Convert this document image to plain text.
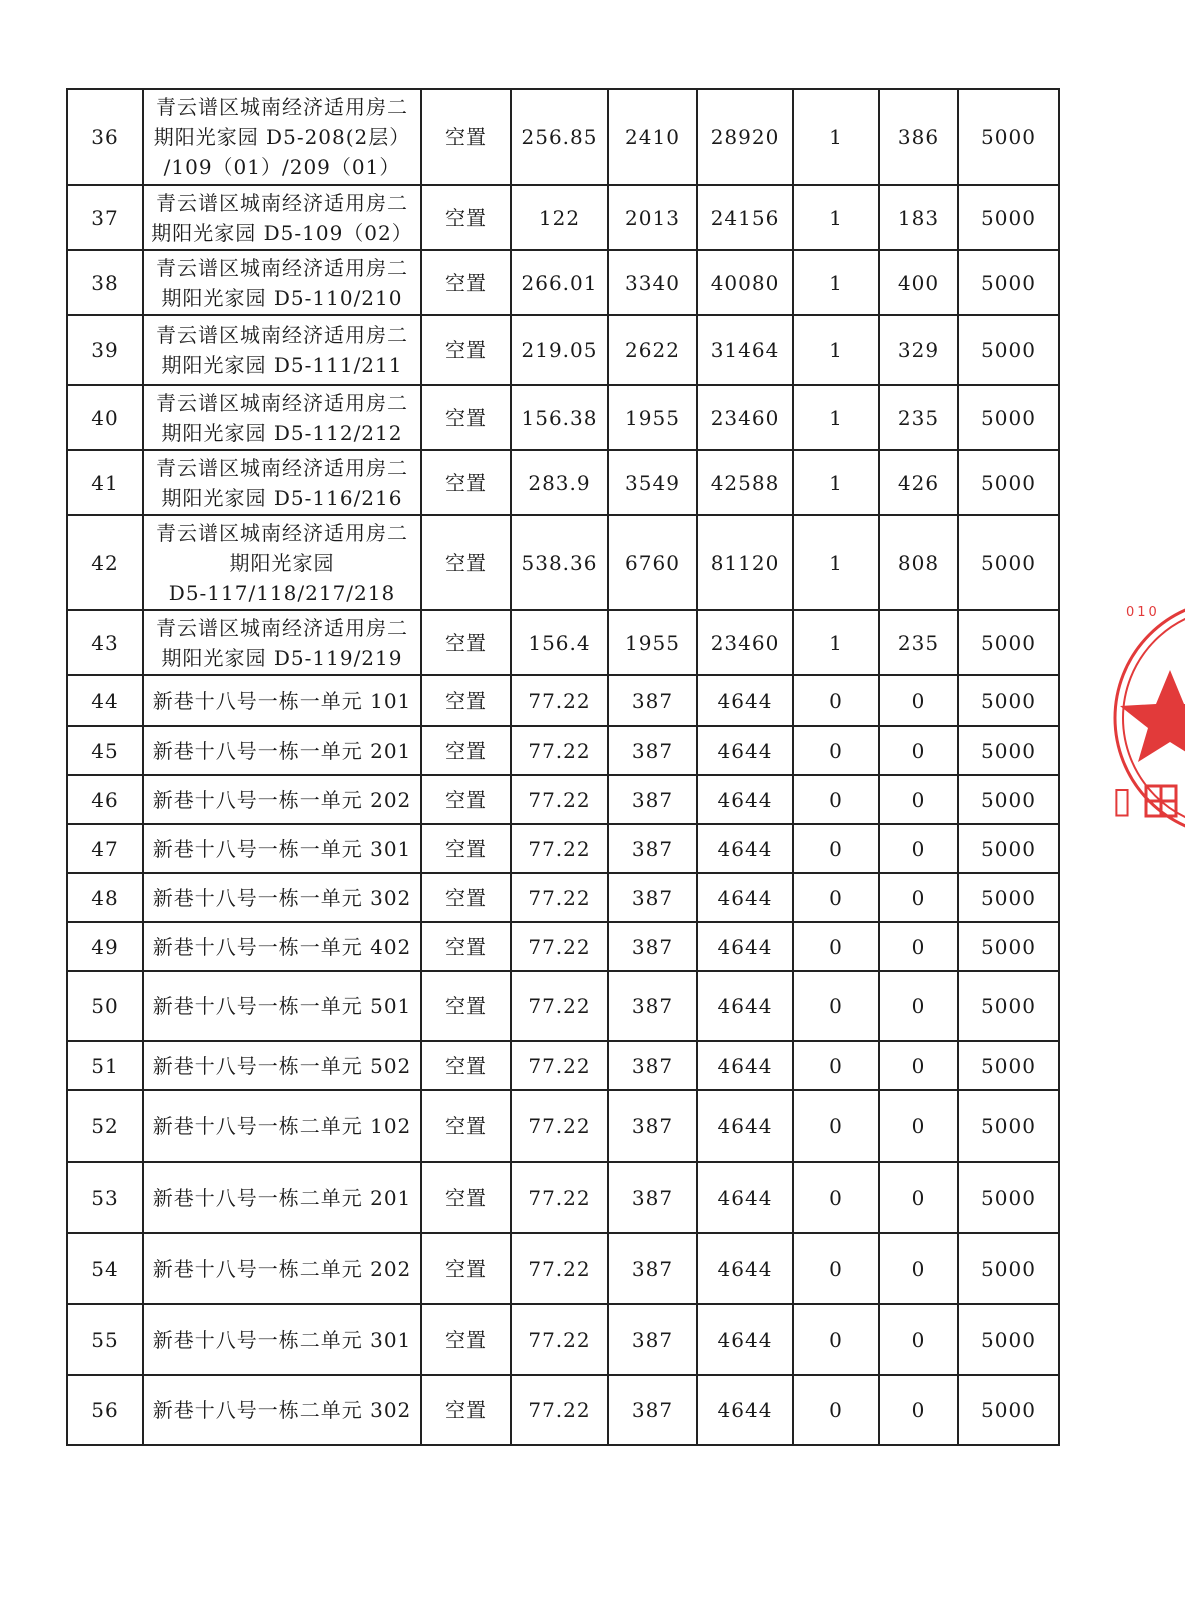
36	青云谱区城南经济适用房二
期阳光家园 D5-208(2层）
/109（01）/209（01）	空置	256.85	2410	28920	1	386	5000
37	青云谱区城南经济适用房二
期阳光家园 D5-109（02）	空置	122	2013	24156	1	183	5000
38	青云谱区城南经济适用房二
期阳光家园 D5-110/210	空置	266.01	3340	40080	1	400	5000
39	青云谱区城南经济适用房二
期阳光家园 D5-111/211	空置	219.05	2622	31464	1	329	5000
40	青云谱区城南经济适用房二
期阳光家园 D5-112/212	空置	156.38	1955	23460	1	235	5000
41	青云谱区城南经济适用房二
期阳光家园 D5-116/216	空置	283.9	3549	42588	1	426	5000
42	青云谱区城南经济适用房二
期阳光家园
D5-117/118/217/218	空置	538.36	6760	81120	1	808	5000
43	青云谱区城南经济适用房二
期阳光家园 D5-119/219	空置	156.4	1955	23460	1	235	5000
44	新巷十八号一栋一单元 101	空置	77.22	387	4644	0	0	5000
45	新巷十八号一栋一单元 201	空置	77.22	387	4644	0	0	5000
46	新巷十八号一栋一单元 202	空置	77.22	387	4644	0	0	5000
47	新巷十八号一栋一单元 301	空置	77.22	387	4644	0	0	5000
48	新巷十八号一栋一单元 302	空置	77.22	387	4644	0	0	5000
49	新巷十八号一栋一单元 402	空置	77.22	387	4644	0	0	5000
50	新巷十八号一栋一单元 501	空置	77.22	387	4644	0	0	5000
51	新巷十八号一栋一单元 502	空置	77.22	387	4644	0	0	5000
52	新巷十八号一栋二单元 102	空置	77.22	387	4644	0	0	5000
53	新巷十八号一栋二单元 201	空置	77.22	387	4644	0	0	5000
54	新巷十八号一栋二单元 202	空置	77.22	387	4644	0	0	5000
55	新巷十八号一栋二单元 301	空置	77.22	387	4644	0	0	5000
56	新巷十八号一栋二单元 302	空置	77.22	387	4644	0	0	5000
010
▯
